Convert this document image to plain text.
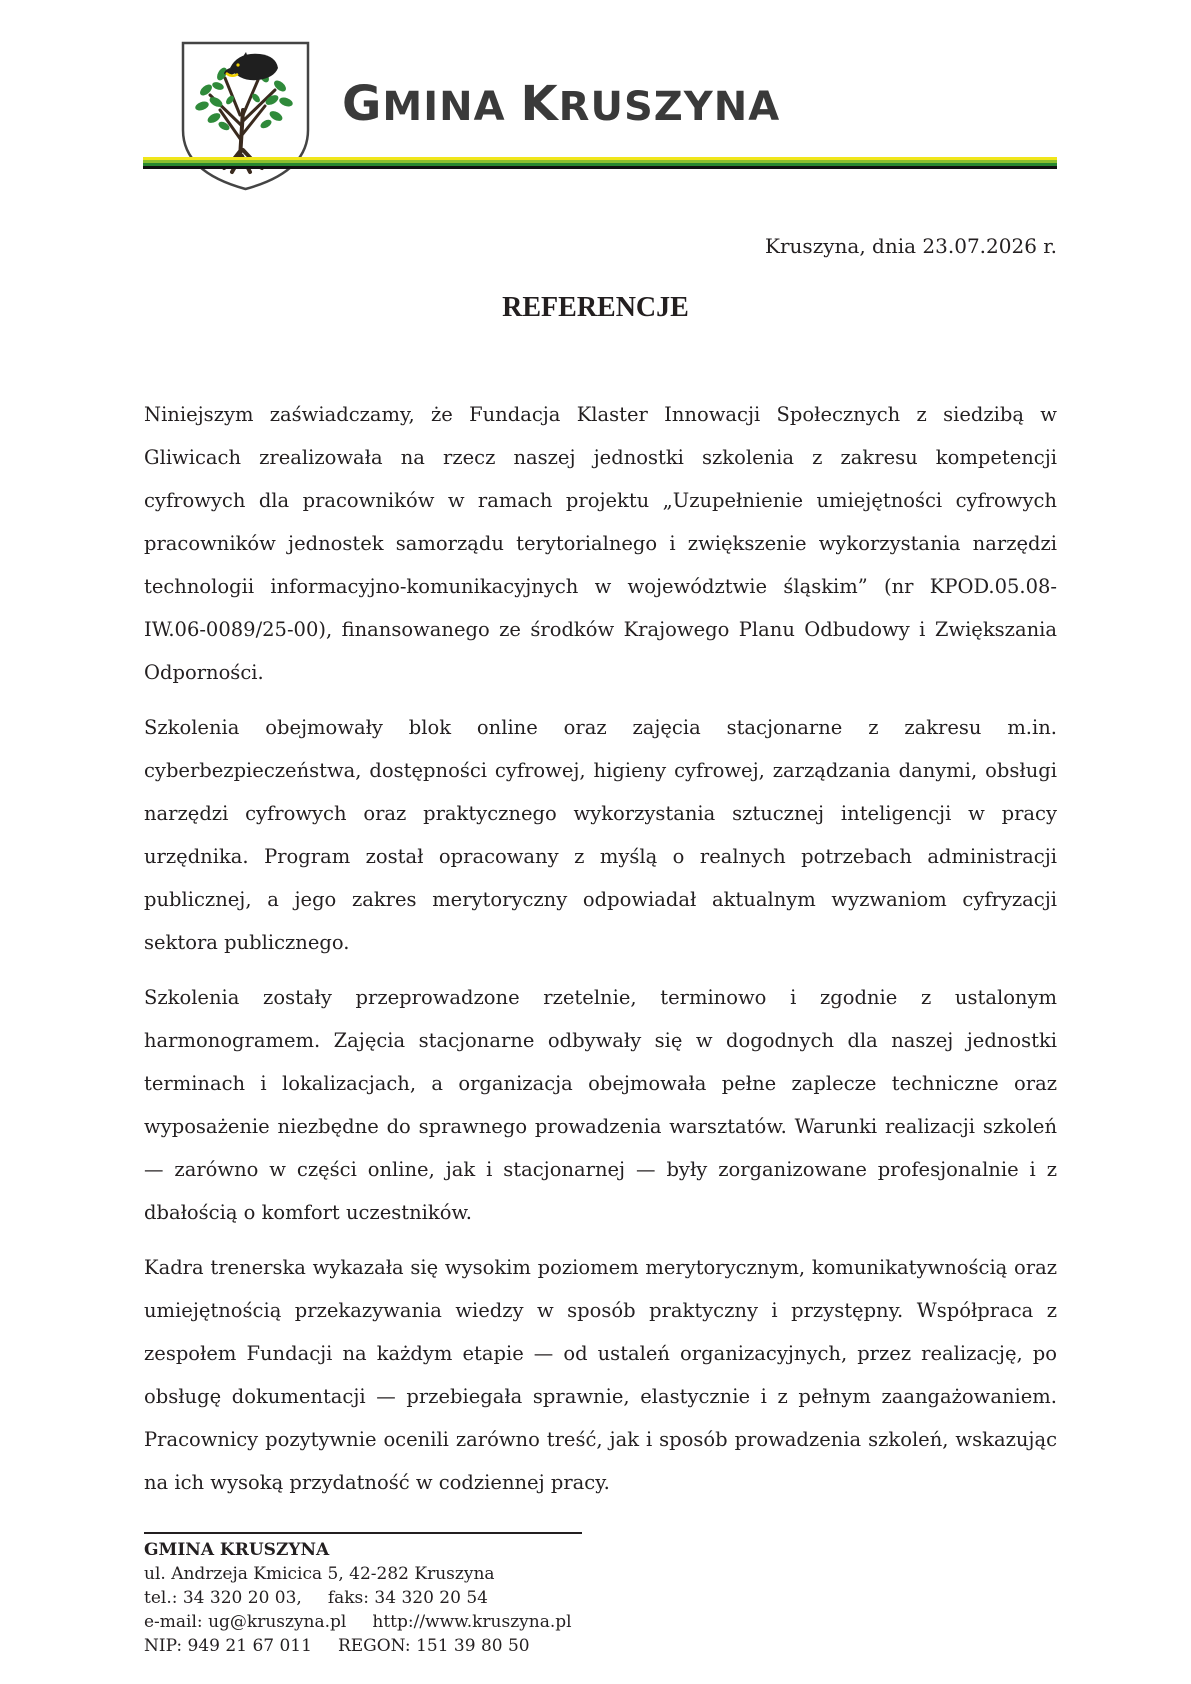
GMINA KRUSZYNA
Kruszyna, dnia 23.07.2026 r.
REFERENCJE

Niniejszym zaświadczamy, że Fundacja Klaster Innowacji Społecznych z siedzibą w Gliwicach zrealizowała na rzecz naszej jednostki szkolenia z zakresu kompetencji cyfrowych dla pracowników w ramach projektu „Uzupełnienie umiejętności cyfrowych pracowników jednostek samorządu terytorialnego i zwiększenie wykorzystania narzędzi technologii informacyjno-komunikacyjnych w województwie śląskim” (nr KPOD.05.08-IW.06-0089/25-00), finansowanego ze środków Krajowego Planu Odbudowy i Zwiększania Odporności.

Szkolenia obejmowały blok online oraz zajęcia stacjonarne z zakresu m.in. cyberbezpieczeństwa, dostępności cyfrowej, higieny cyfrowej, zarządzania danymi, obsługi narzędzi cyfrowych oraz praktycznego wykorzystania sztucznej inteligencji w pracy urzędnika. Program został opracowany z myślą o realnych potrzebach administracji publicznej, a jego zakres merytoryczny odpowiadał aktualnym wyzwaniom cyfryzacji sektora publicznego.

Szkolenia zostały przeprowadzone rzetelnie, terminowo i zgodnie z ustalonym harmonogramem. Zajęcia stacjonarne odbywały się w dogodnych dla naszej jednostki terminach i lokalizacjach, a organizacja obejmowała pełne zaplecze techniczne oraz wyposażenie niezbędne do sprawnego prowadzenia warsztatów. Warunki realizacji szkoleń — zarówno w części online, jak i stacjonarnej — były zorganizowane profesjonalnie i z dbałością o komfort uczestników.

Kadra trenerska wykazała się wysokim poziomem merytorycznym, komunikatywnością oraz umiejętnością przekazywania wiedzy w sposób praktyczny i przystępny. Współpraca z zespołem Fundacji na każdym etapie — od ustaleń organizacyjnych, przez realizację, po obsługę dokumentacji — przebiegała sprawnie, elastycznie i z pełnym zaangażowaniem. Pracownicy pozytywnie ocenili zarówno treść, jak i sposób prowadzenia szkoleń, wskazując na ich wysoką przydatność w codziennej pracy.

GMINA KRUSZYNA
ul. Andrzeja Kmicica 5, 42-282 Kruszyna
tel.: 34 320 20 03, faks: 34 320 20 54
e-mail: ug@kruszyna.pl http://www.kruszyna.pl
NIP: 949 21 67 011 REGON: 151 39 80 50
